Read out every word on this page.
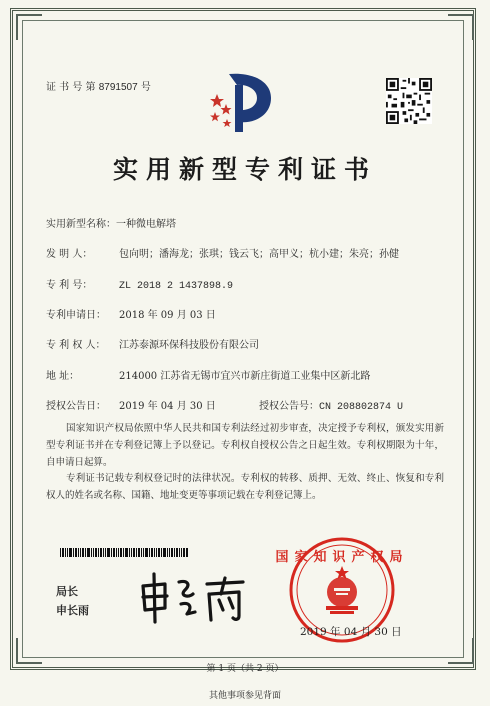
证 书 号 第 8791507 号
实用新型专利证书
实用新型名称：一种微电解塔
发 明 人：	包向明；潘海龙；张琪；钱云飞；高甲义；杭小建；朱亮；孙健
专 利 号：	ZL 2018 2 1437898.9
专利申请日： 2018 年 09 月 03 日
专 利 权 人： 江苏泰源环保科技股份有限公司
地 址：	214000 江苏省无锡市宜兴市新庄街道工业集中区新北路
授权公告日： 2019 年 04 月 30 日	授权公告号：CN 208802874 U
国家知识产权局依照中华人民共和国专利法经过初步审查，决定授予专利权，颁发实用新型专利证书并在专利登记簿上予以登记。专利权自授权公告之日起生效。专利权期限为十年，自申请日起算。
专利证书记载专利权登记时的法律状况。专利权的转移、质押、无效、终止、恢复和专利权人的姓名或名称、国籍、地址变更等事项记载在专利登记簿上。
局长
申长雨
国家知识产权局
2019 年 04 月 30 日
第 1 页（共 2 页）
其他事项参见背面
